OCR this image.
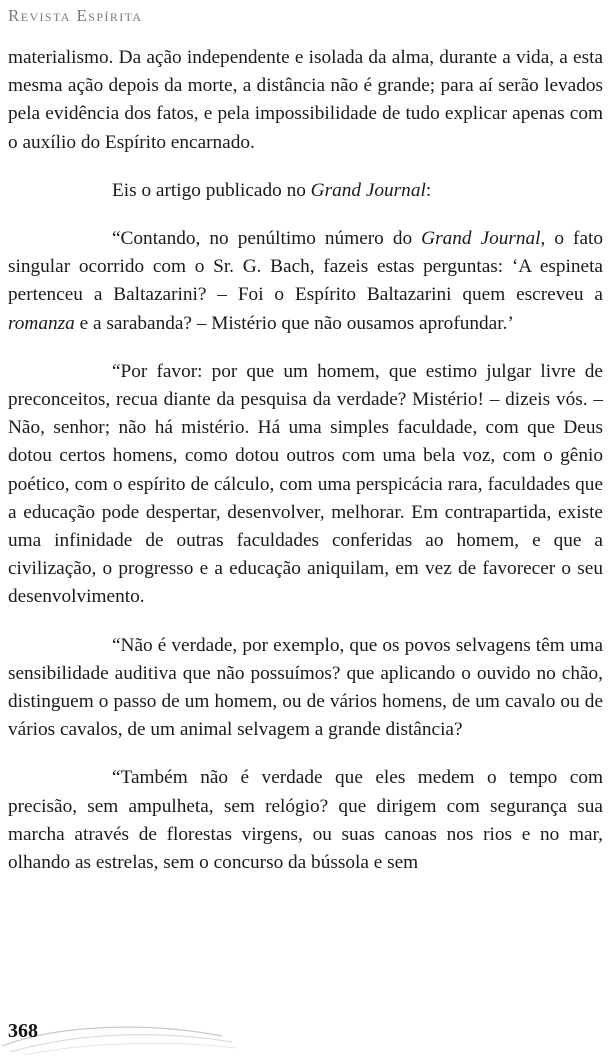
Revista Espírita

materialismo. Da ação independente e isolada da alma, durante a vida, a esta mesma ação depois da morte, a distância não é grande; para aí serão levados pela evidência dos fatos, e pela impossibilidade de tudo explicar apenas com o auxílio do Espírito encarnado.

Eis o artigo publicado no Grand Journal:

“Contando, no penúltimo número do Grand Journal, o fato singular ocorrido com o Sr. G. Bach, fazeis estas perguntas: ‘A espineta pertenceu a Baltazarini? – Foi o Espírito Baltazarini quem escreveu a romanza e a sarabanda? – Mistério que não ousamos aprofundar.’

“Por favor: por que um homem, que estimo julgar livre de preconceitos, recua diante da pesquisa da verdade? Mistério! – dizeis vós. – Não, senhor; não há mistério. Há uma simples faculdade, com que Deus dotou certos homens, como dotou outros com uma bela voz, com o gênio poético, com o espírito de cálculo, com uma perspicácia rara, faculdades que a educação pode despertar, desenvolver, melhorar. Em contrapartida, existe uma infinidade de outras faculdades conferidas ao homem, e que a civilização, o progresso e a educação aniquilam, em vez de favorecer o seu desenvolvimento.

“Não é verdade, por exemplo, que os povos selvagens têm uma sensibilidade auditiva que não possuímos? que aplicando o ouvido no chão, distinguem o passo de um homem, ou de vários homens, de um cavalo ou de vários cavalos, de um animal selvagem a grande distância?

“Também não é verdade que eles medem o tempo com precisão, sem ampulheta, sem relógio? que dirigem com segurança sua marcha através de florestas virgens, ou suas canoas nos rios e no mar, olhando as estrelas, sem o concurso da bússola e sem

368
